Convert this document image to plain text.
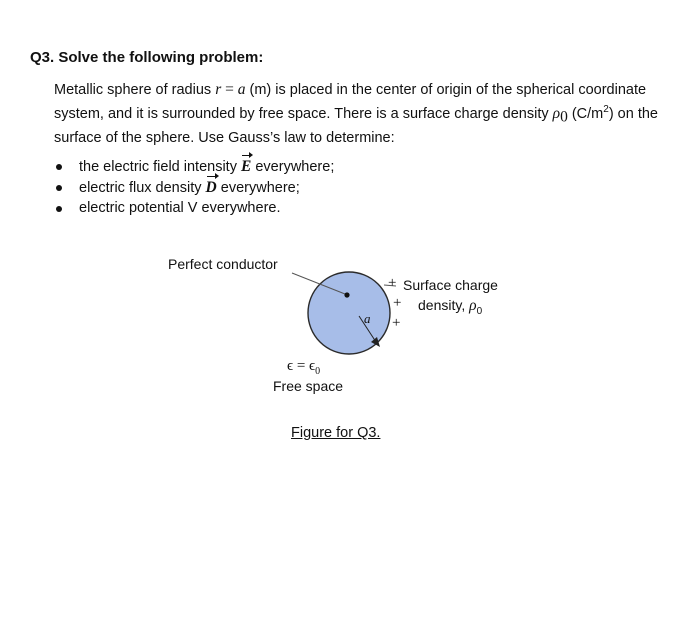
Q3. Solve the following problem:
Metallic sphere of radius r = a (m) is placed in the center of origin of the spherical coordinate system, and it is surrounded by free space. There is a surface charge density $\rho_0$ $(C/m^2)$ on the surface of the sphere. Use Gauss’s law to determine:
the electric field intensity E everywhere;
electric flux density D everywhere;
electric potential V everywhere.
Perfect conductor
Surface charge
density, $\rho_0$
+
+
+
a
$\epsilon = \epsilon_0$
Free space
Figure for Q3.
